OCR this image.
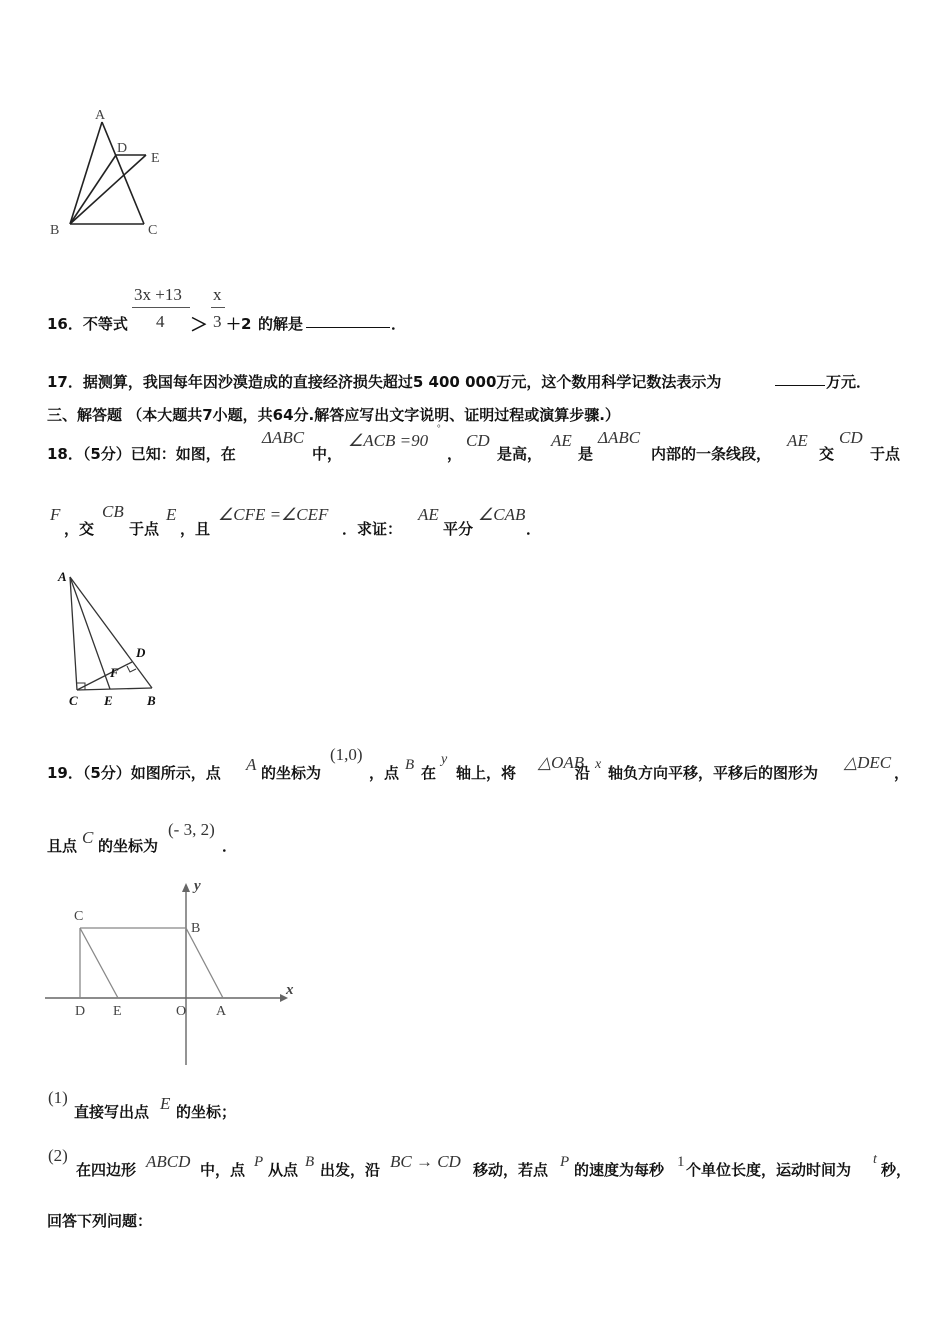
A
D
E
B	C
16．不等式
3x +13
4 ＞
x
3 ＋2 的解是	．
17．据测算，我国每年因沙漠造成的直接经济损失超过5 400 000万元，这个数用科学记数法表示为	万元．
三、解答题 （本大题共7小题，共64分.解答应写出文字说明、证明过程或演算步骤.）
18．（5分）已知：如图，在
ΔABC
中，
∠ACB =90
°
，
CD
是高，
AE
是
ΔABC
内部的一条线段，
AE
交
CD
于点
F
，交
CB
于点
E
，且
∠CFE =∠CEF
．求证：
AE
平分
∠CAB
．
A
D
F
C E	B
19．（5分）如图所示，点 A 的坐标为
(1,0)
，点 B 在
y
轴上，将
△OAB
沿 x 轴负方向平移，平移后的图形为
△DEC
，
且点 C 的坐标为
(- 3, 2)
．
y
x
C
B
D E	O A
(1)
直接写出点 E 的坐标；
(2)
在四边形 ABCD 中，点 P 从点 B 出发，沿 BC → CD 移动，若点 P 的速度为每秒 1 个单位长度，运动时间为
t
秒，
回答下列问题：
